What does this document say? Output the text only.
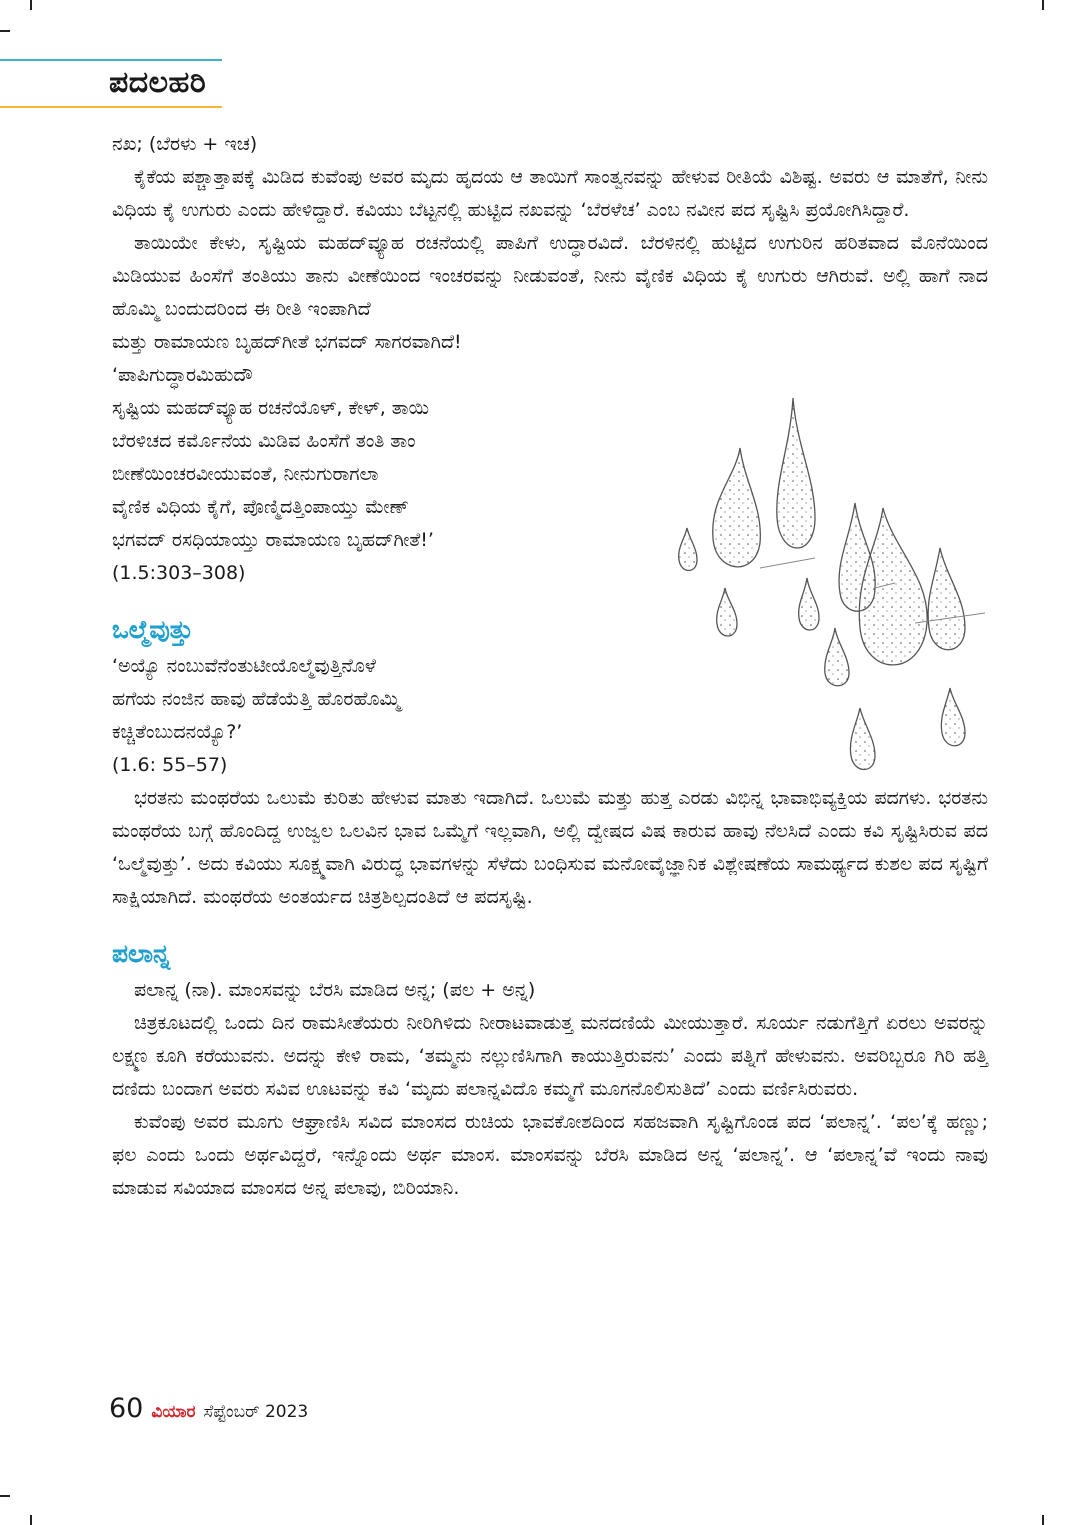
ಪದಲಹರಿ

ನಖ; (ಬೆರಳು + ಇಚ)

ಕೈಕೆಯ ಪಶ್ಚಾತ್ತಾಪಕ್ಕೆ ಮಿಡಿದ ಕುವೆಂಪು ಅವರ ಮೃದು ಹೃದಯ ಆ ತಾಯಿಗೆ ಸಾಂತ್ವನವನ್ನು ಹೇಳುವ ರೀತಿಯೆ ವಿಶಿಷ್ಟ. ಅವರು ಆ ಮಾತೆಗೆ, ನೀನು ವಿಧಿಯ ಕೈ ಉಗುರು ಎಂದು ಹೇಳಿದ್ದಾರೆ. ಕವಿಯು ಬೆಟ್ಟನಲ್ಲಿ ಹುಟ್ಟಿದ ನಖವನ್ನು ‘ಬೆರಳೆಚ’ ಎಂಬ ನವೀನ ಪದ ಸೃಷ್ಟಿಸಿ ಪ್ರಯೋಗಿಸಿದ್ದಾರೆ.

ತಾಯಿಯೇ ಕೇಳು, ಸೃಷ್ಟಿಯ ಮಹದ್‌ವ್ಯೂಹ ರಚನೆಯಲ್ಲಿ ಪಾಪಿಗೆ ಉದ್ಧಾರವಿದೆ. ಬೆರಳಿನಲ್ಲಿ ಹುಟ್ಟಿದ ಉಗುರಿನ ಹರಿತವಾದ ಮೊನೆಯಿಂದ ಮಿಡಿಯುವ ಹಿಂಸೆಗೆ ತಂತಿಯು ತಾನು ವೀಣೆಯಿಂದ ಇಂಚರವನ್ನು ನೀಡುವಂತೆ, ನೀನು ವೈಣಿಕ ವಿಧಿಯ ಕೈ ಉಗುರು ಆಗಿರುವೆ. ಅಲ್ಲಿ ಹಾಗೆ ನಾದ ಹೊಮ್ಮಿ ಬಂದುದರಿಂದ ಈ ರೀತಿ ಇಂಪಾಗಿದೆ

ಮತ್ತು ರಾಮಾಯಣ ಬೃಹದ್‌ಗೀತೆ ಭಗವದ್ ಸಾಗರವಾಗಿದೆ!

‘ಪಾಪಿಗುದ್ಧಾರಮಿಹುದೌ

ಸೃಷ್ಟಿಯ ಮಹದ್‌ವ್ಯೂಹ ರಚನೆಯೊಳ್, ಕೇಳ್, ತಾಯಿ

ಬೆರಳಿಚದ ಕರ್ಮೊನೆಯ ಮಿಡಿವ ಹಿಂಸೆಗೆ ತಂತಿ ತಾಂ

ಬೀಣೆಯಿಂಚರವೀಯುವಂತೆ, ನೀನುಗುರಾಗಲಾ

ವೈಣಿಕ ವಿಧಿಯ ಕೈಗೆ, ಪೊಣ್ಮಿದತ್ತಿಂಪಾಯ್ತು ಮೇಣ್

ಭಗವದ್ ರಸಧಿಯಾಯ್ತು ರಾಮಾಯಣ ಬೃಹದ್‌ಗೀತೆ!’

(1.5:303–308)

ಒಲ್ಮೆವುತ್ತು

‘ಅಯ್ಯೊ ನಂಬುವೆನೆಂತುಟೀಯೊಲ್ಮೆವುತ್ತಿನೊಳೆ

ಹಗೆಯ ನಂಜಿನ ಹಾವು ಹೆಡೆಯೆತ್ತಿ ಹೊರಹೊಮ್ಮಿ

ಕಚ್ಚಿತೆಂಬುದನಯ್ಯೊ?’

(1.6: 55–57)

ಭರತನು ಮಂಥರೆಯ ಒಲುಮೆ ಕುರಿತು ಹೇಳುವ ಮಾತು ಇದಾಗಿದೆ. ಒಲುಮೆ ಮತ್ತು ಹುತ್ತ ಎರಡು ವಿಭಿನ್ನ ಭಾವಾಭಿವ್ಯಕ್ತಿಯ ಪದಗಳು. ಭರತನು ಮಂಥರೆಯ ಬಗ್ಗೆ ಹೊಂದಿದ್ದ ಉಜ್ವಲ ಒಲವಿನ ಭಾವ ಒಮ್ಮೆಗೆ ಇಲ್ಲವಾಗಿ, ಅಲ್ಲಿ ದ್ವೇಷದ ವಿಷ ಕಾರುವ ಹಾವು ನೆಲಸಿದೆ ಎಂದು ಕವಿ ಸೃಷ್ಟಿಸಿರುವ ಪದ ‘ಒಲ್ಮೆವುತ್ತು’. ಅದು ಕವಿಯು ಸೂಕ್ಷ್ಮವಾಗಿ ವಿರುದ್ಧ ಭಾವಗಳನ್ನು ಸೆಳೆದು ಬಂಧಿಸುವ ಮನೋವೈಜ್ಞಾನಿಕ ವಿಶ್ಲೇಷಣೆಯ ಸಾಮರ್ಥ್ಯದ ಕುಶಲ ಪದ ಸೃಷ್ಟಿಗೆ ಸಾಕ್ಷಿಯಾಗಿದೆ. ಮಂಥರೆಯ ಅಂತರ್ಯದ ಚಿತ್ರಶಿಲ್ಪದಂತಿದೆ ಆ ಪದಸೃಷ್ಟಿ.

ಪಲಾನ್ನ

ಪಲಾನ್ನ (ನಾ). ಮಾಂಸವನ್ನು ಬೆರಸಿ ಮಾಡಿದ ಅನ್ನ; (ಪಲ + ಅನ್ನ)

ಚಿತ್ರಕೂಟದಲ್ಲಿ ಒಂದು ದಿನ ರಾಮಸೀತೆಯರು ನೀರಿಗಿಳಿದು ನೀರಾಟವಾಡುತ್ತ ಮನದಣಿಯೆ ಮೀಯುತ್ತಾರೆ. ಸೂರ್ಯ ನಡುಗೆತ್ತಿಗೆ ಏರಲು ಅವರನ್ನು ಲಕ್ಷ್ಮಣ ಕೂಗಿ ಕರೆಯುವನು. ಅದನ್ನು ಕೇಳಿ ರಾಮ, ‘ತಮ್ಮನು ನಲ್ಲುಣಿಸಿಗಾಗಿ ಕಾಯುತ್ತಿರುವನು’ ಎಂದು ಪತ್ನಿಗೆ ಹೇಳುವನು. ಅವರಿಬ್ಬರೂ ಗಿರಿ ಹತ್ತಿ ದಣಿದು ಬಂದಾಗ ಅವರು ಸವಿವ ಊಟವನ್ನು ಕವಿ ‘ಮೃದು ಪಲಾನ್ನವಿದೊ ಕಮ್ಮಗೆ ಮೂಗನೊಲಿಸುತಿದೆ’ ಎಂದು ವರ್ಣಿಸಿರುವರು.

ಕುವೆಂಪು ಅವರ ಮೂಗು ಆಘ್ರಾಣಿಸಿ ಸವಿದ ಮಾಂಸದ ರುಚಿಯ ಭಾವಕೋಶದಿಂದ ಸಹಜವಾಗಿ ಸೃಷ್ಟಿಗೊಂಡ ಪದ ‘ಪಲಾನ್ನ’. ‘ಪಲ’ಕ್ಕೆ ಹಣ್ಣು; ಫಲ ಎಂದು ಒಂದು ಅರ್ಥವಿದ್ದರೆ, ಇನ್ನೊಂದು ಅರ್ಥ ಮಾಂಸ. ಮಾಂಸವನ್ನು ಬೆರಸಿ ಮಾಡಿದ ಅನ್ನ ‘ಪಲಾನ್ನ’. ಆ ‘ಪಲಾನ್ನ’ವೆ ಇಂದು ನಾವು ಮಾಡುವ ಸವಿಯಾದ ಮಾಂಸದ ಅನ್ನ ಪಲಾವು, ಬಿರಿಯಾನಿ.

60 ವಿಯಾರ ಸೆಪ್ಟೆಂಬರ್ 2023
